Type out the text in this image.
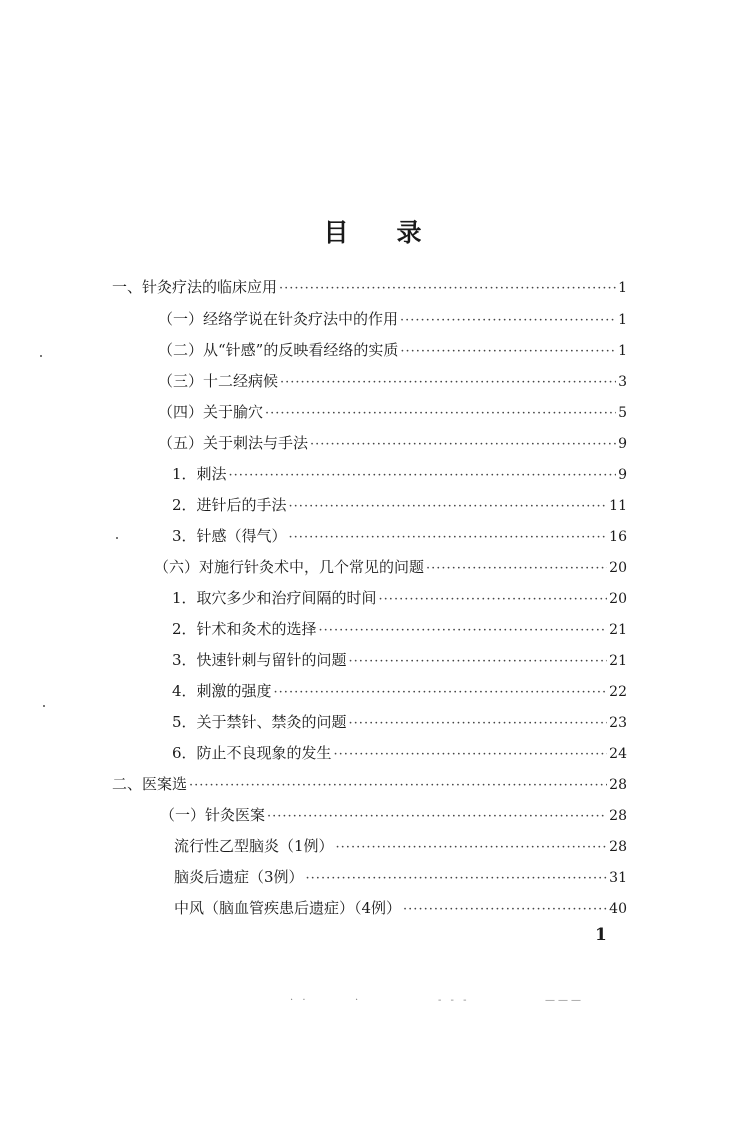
目 录
一、针灸疗法的临床应用 ·····	1
（一）经络学说在针灸疗法中的作用 ·····	1
（二）从“针感”的反映看经络的实质 ·····	1
（三）十二经病候 ·····	3
（四）关于腧穴 ·····	5
（五）关于刺法与手法 ·····	9
1．刺法 ·····	9
2．进针后的手法 ·····	11
3．针感（得气） ·····	16
（六）对施行针灸术中，几个常见的问题 ·····	20
1．取穴多少和治疗间隔的时间 ·····	20
2．针术和灸术的选择 ·····	21
3．快速针刺与留针的问题 ·····	21
4．刺激的强度 ·····	22
5．关于禁针、禁灸的问题 ·····	23
6．防止不良现象的发生 ·····	24
二、医案选 ·····	28
（一）针灸医案 ·····	28
流行性乙型脑炎（1例） ·····	28
脑炎后遗症（3例） ·····	31
中风（脑血管疾患后遗症）（4例） ·····	40
1
· ·	·	- - -	———
